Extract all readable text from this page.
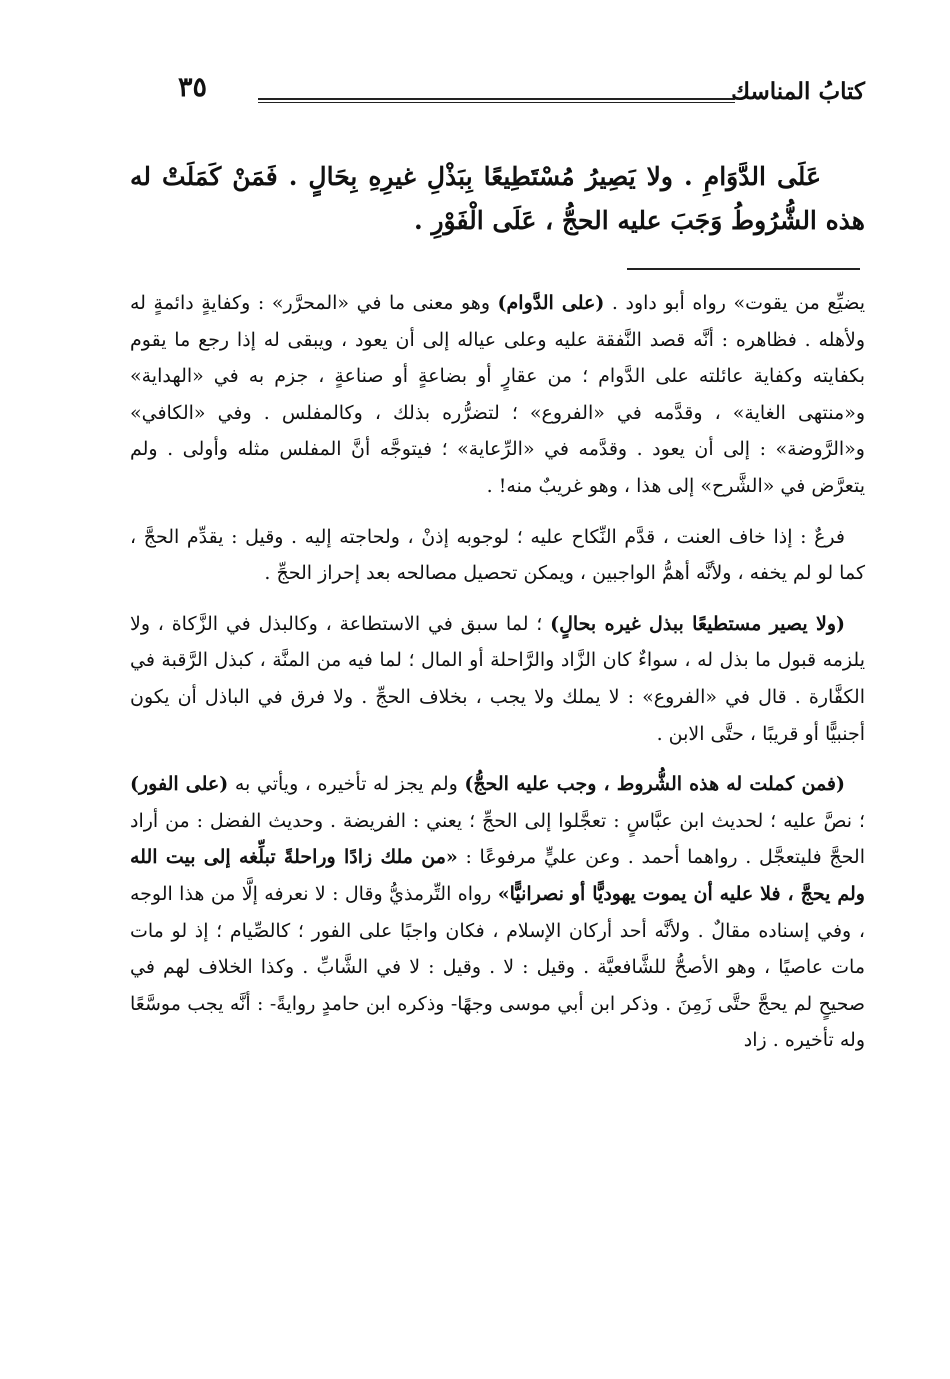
كتابُ المناسك
٣٥

عَلَى الدَّوَامِ . ولا يَصِيرُ مُسْتَطِيعًا بِبَذْلِ غيرِهِ بِحَالٍ . فَمَنْ كَمَلَتْ له هذه الشُّرُوطُ وَجَبَ عليه الحجُّ ، عَلَى الْفَوْرِ .

يضيِّع من يقوت» رواه أبو داود . (على الدَّوام) وهو معنى ما في «المحرَّر» : وكفايةٍ دائمةٍ له ولأهله . فظاهره : أنَّه قصد النَّفقة عليه وعلى عياله إلى أن يعود ، ويبقى له إذا رجع ما يقوم بكفايته وكفاية عائلته على الدَّوام ؛ من عقارٍ أو بضاعةٍ أو صناعةٍ ، جزم به في «الهداية» و«منتهى الغاية» ، وقدَّمه في «الفروع» ؛ لتضرُّره بذلك ، وكالمفلس . وفي «الكافي» و«الرَّوضة» : إلى أن يعود . وقدَّمه في «الرِّعاية» ؛ فيتوجَّه أنَّ المفلس مثله وأولى . ولم يتعرَّض في «الشَّرح» إلى هذا ، وهو غريبٌ منه! .

فرعٌ : إذا خاف العنت ، قدَّم النِّكاح عليه ؛ لوجوبه إذنْ ، ولحاجته إليه . وقيل : يقدِّم الحجَّ ، كما لو لم يخفه ، ولأنَّه أهمُّ الواجبين ، ويمكن تحصيل مصالحه بعد إحراز الحجِّ .

(ولا يصير مستطيعًا ببذل غيره بحالٍ) ؛ لما سبق في الاستطاعة ، وكالبذل في الزَّكاة ، ولا يلزمه قبول ما بذل له ، سواءٌ كان الزَّاد والرَّاحلة أو المال ؛ لما فيه من المنَّة ، كبذل الرَّقبة في الكفَّارة . قال في «الفروع» : لا يملك ولا يجب ، بخلاف الحجِّ . ولا فرق في الباذل أن يكون أجنبيًّا أو قريبًا ، حتَّى الابن .

(فمن كملت له هذه الشُّروط ، وجب عليه الحجُّ) ولم يجز له تأخيره ، ويأتي به (على الفور) ؛ نصَّ عليه ؛ لحديث ابن عبَّاسٍ : تعجَّلوا إلى الحجِّ ؛ يعني : الفريضة . وحديث الفضل : من أراد الحجَّ فليتعجَّل . رواهما أحمد . وعن عليٍّ مرفوعًا : «من ملك زادًا وراحلةً تبلِّغه إلى بيت الله ولم يحجَّ ، فلا عليه أن يموت يهوديًّا أو نصرانيًّا» رواه التِّرمذيُّ وقال : لا نعرفه إلَّا من هذا الوجه ، وفي إسناده مقالٌ . ولأنَّه أحد أركان الإسلام ، فكان واجبًا على الفور ؛ كالصِّيام ؛ إذ لو مات مات عاصيًا ، وهو الأصحُّ للشَّافعيَّة . وقيل : لا . وقيل : لا في الشَّابِّ . وكذا الخلاف لهم في صحيحٍ لم يحجَّ حتَّى زَمِنَ . وذكر ابن أبي موسى وجهًا- وذكره ابن حامدٍ روايةً- : أنَّه يجب موسَّعًا وله تأخيره . زاد
